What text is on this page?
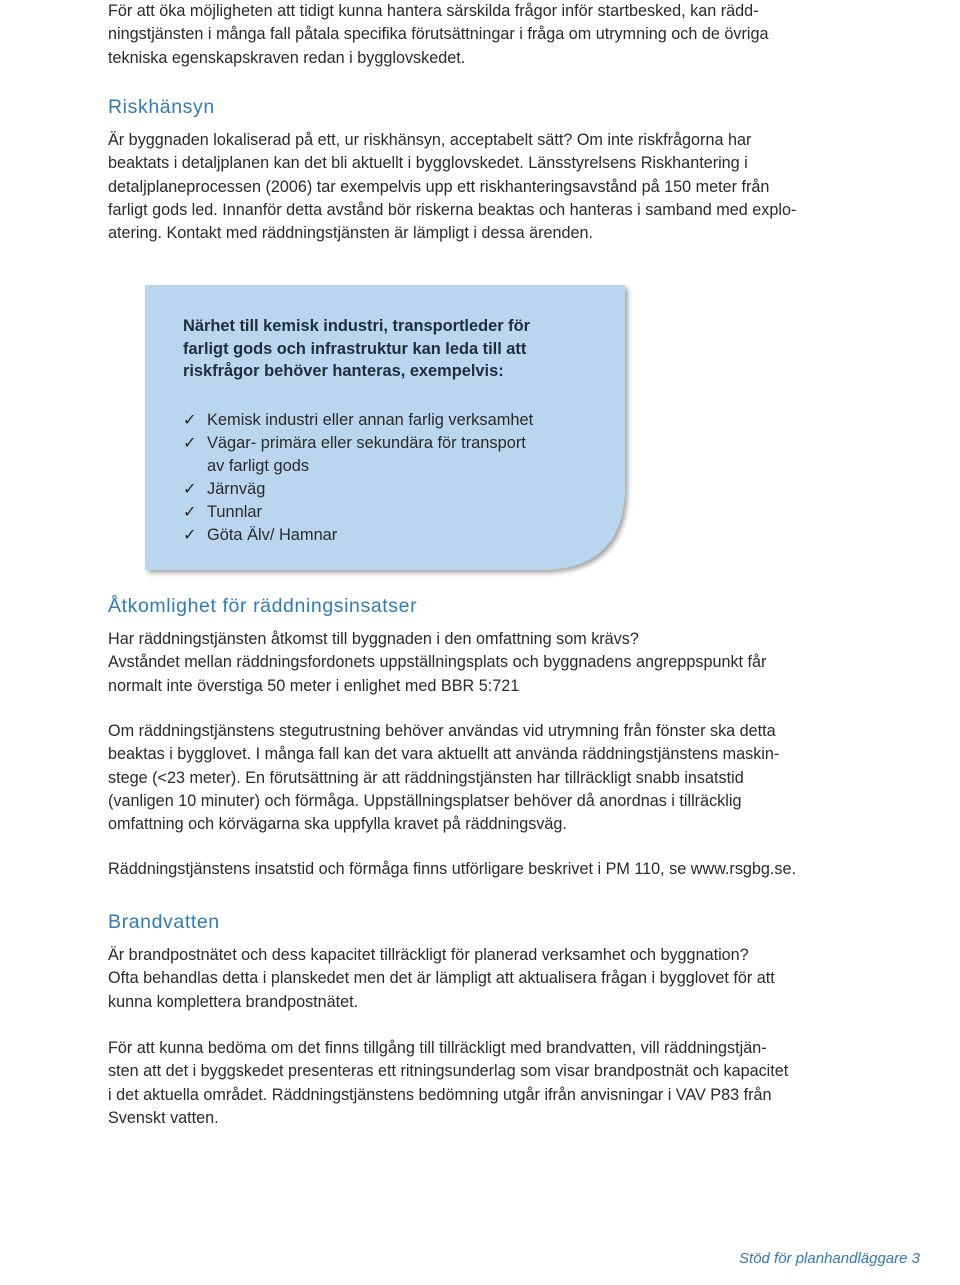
För att öka möjligheten att tidigt kunna hantera särskilda frågor inför startbesked, kan rädd-
ningstjänsten i många fall påtala specifika förutsättningar i fråga om utrymning och de övriga
tekniska egenskapskraven redan i bygglovskedet.
Riskhänsyn
Är byggnaden lokaliserad på ett, ur riskhänsyn, acceptabelt sätt? Om inte riskfrågorna har
beaktats i detaljplanen kan det bli aktuellt i bygglovskedet. Länsstyrelsens Riskhantering i
detaljplaneprocessen (2006) tar exempelvis upp ett riskhanteringsavstånd på 150 meter från
farligt gods led. Innanför detta avstånd bör riskerna beaktas och hanteras i samband med explo-
atering. Kontakt med räddningstjänsten är lämpligt i dessa ärenden.
Åtkomlighet för räddningsinsatser
Har räddningstjänsten åtkomst till byggnaden i den omfattning som krävs?
Avståndet mellan räddningsfordonets uppställningsplats och byggnadens angreppspunkt får
normalt inte överstiga 50 meter i enlighet med BBR 5:721
Om räddningstjänstens stegutrustning behöver användas vid utrymning från fönster ska detta
beaktas i bygglovet. I många fall kan det vara aktuellt att använda räddningstjänstens maskin-
stege (<23 meter). En förutsättning är att räddningstjänsten har tillräckligt snabb insatstid
(vanligen 10 minuter) och förmåga. Uppställningsplatser behöver då anordnas i tillräcklig
omfattning och körvägarna ska uppfylla kravet på räddningsväg.
Räddningstjänstens insatstid och förmåga finns utförligare beskrivet i PM 110, se www.rsgbg.se.
Brandvatten
Är brandpostnätet och dess kapacitet tillräckligt för planerad verksamhet och byggnation?
Ofta behandlas detta i planskedet men det är lämpligt att aktualisera frågan i bygglovet för att
kunna komplettera brandpostnätet.
För att kunna bedöma om det finns tillgång till tillräckligt med brandvatten, vill räddningstjän-
sten att det i byggskedet presenteras ett ritningsunderlag som visar brandpostnät och kapacitet
i det aktuella området. Räddningstjänstens bedömning utgår ifrån anvisningar i VAV P83 från
Svenskt vatten.

Närhet till kemisk industri, transportleder för
farligt gods och infrastruktur kan leda till att
riskfrågor behöver hanteras, exempelvis:

✓ Kemisk industri eller annan farlig verksamhet
✓ Vägar- primära eller sekundära för transport
av farligt gods
✓ Järnväg
✓ Tunnlar
✓ Göta Älv/ Hamnar
Stöd för planhandläggare 3
